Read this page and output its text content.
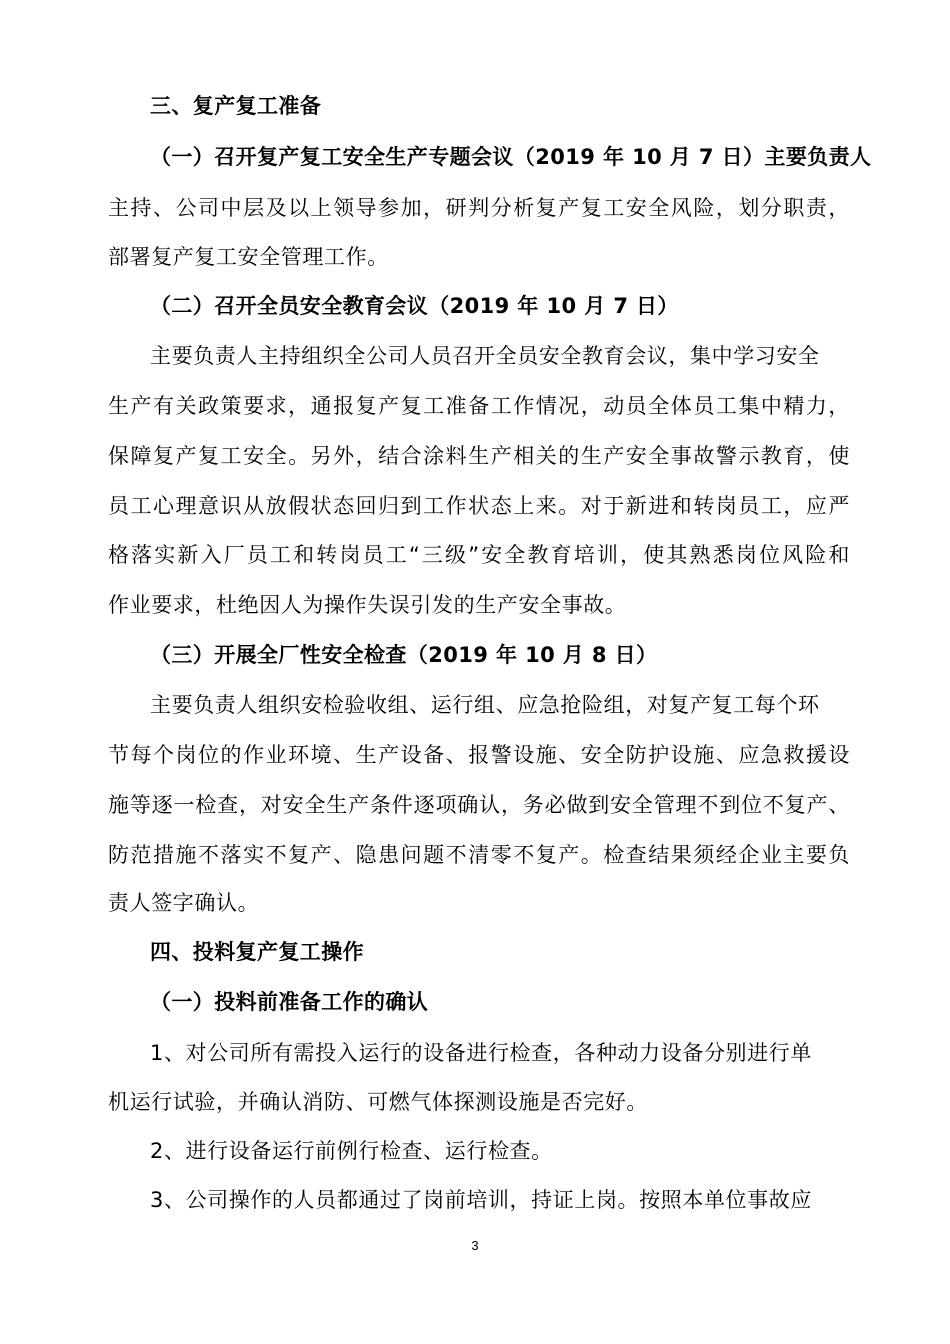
三、复产复工准备
（一）召开复产复工安全生产专题会议（2019 年 10 月 7 日）主要负责人
主持、公司中层及以上领导参加，研判分析复产复工安全风险，划分职责，
部署复产复工安全管理工作。
（二）召开全员安全教育会议（2019 年 10 月 7 日）
主要负责人主持组织全公司人员召开全员安全教育会议，集中学习安全
生产有关政策要求，通报复产复工准备工作情况，动员全体员工集中精力，
保障复产复工安全。另外，结合涂料生产相关的生产安全事故警示教育，使
员工心理意识从放假状态回归到工作状态上来。对于新进和转岗员工，应严
格落实新入厂员工和转岗员工“三级”安全教育培训，使其熟悉岗位风险和
作业要求，杜绝因人为操作失误引发的生产安全事故。
（三）开展全厂性安全检查（2019 年 10 月 8 日）
主要负责人组织安检验收组、运行组、应急抢险组，对复产复工每个环
节每个岗位的作业环境、生产设备、报警设施、安全防护设施、应急救援设
施等逐一检查，对安全生产条件逐项确认，务必做到安全管理不到位不复产、
防范措施不落实不复产、隐患问题不清零不复产。检查结果须经企业主要负
责人签字确认。
四、投料复产复工操作
（一）投料前准备工作的确认
1、对公司所有需投入运行的设备进行检查，各种动力设备分别进行单
机运行试验，并确认消防、可燃气体探测设施是否完好。
2、进行设备运行前例行检查、运行检查。
3、公司操作的人员都通过了岗前培训，持证上岗。按照本单位事故应
3
